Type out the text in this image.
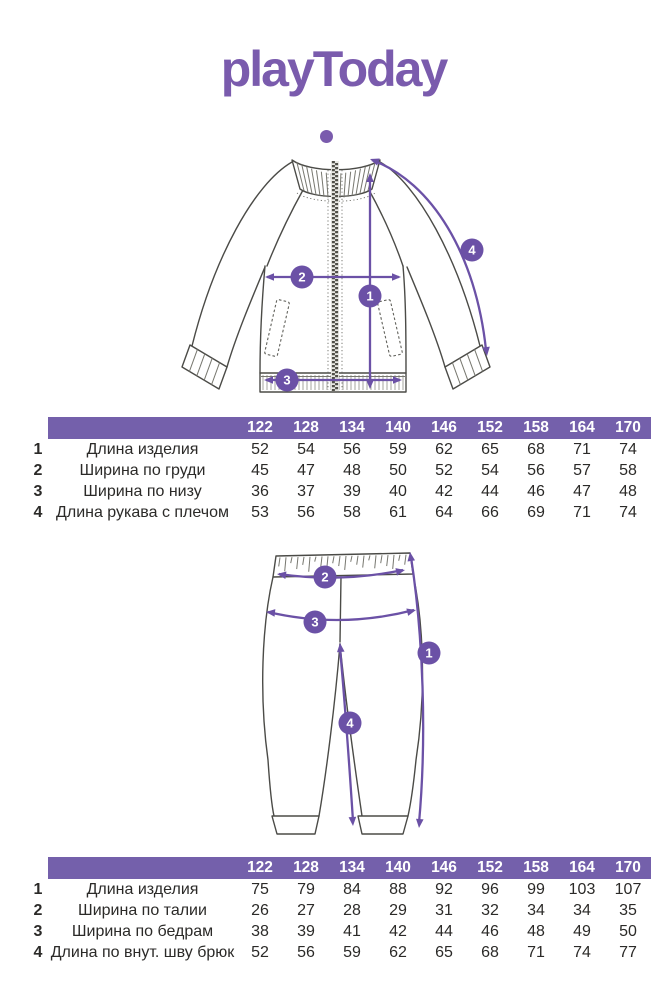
playToday
1
2
3
4
		122	128	134	140	146	152	158	164	170
1	Длина изделия	52	54	56	59	62	65	68	71	74
2	Ширина по груди	45	47	48	50	52	54	56	57	58
3	Ширина по низу	36	37	39	40	42	44	46	47	48
4	Длина рукава с плечом	53	56	58	61	64	66	69	71	74
1
2
3
4
		122	128	134	140	146	152	158	164	170
1	Длина изделия	75	79	84	88	92	96	99	103	107
2	Ширина по талии	26	27	28	29	31	32	34	34	35
3	Ширина по бедрам	38	39	41	42	44	46	48	49	50
4	Длина по внут. шву брюк	52	56	59	62	65	68	71	74	77
